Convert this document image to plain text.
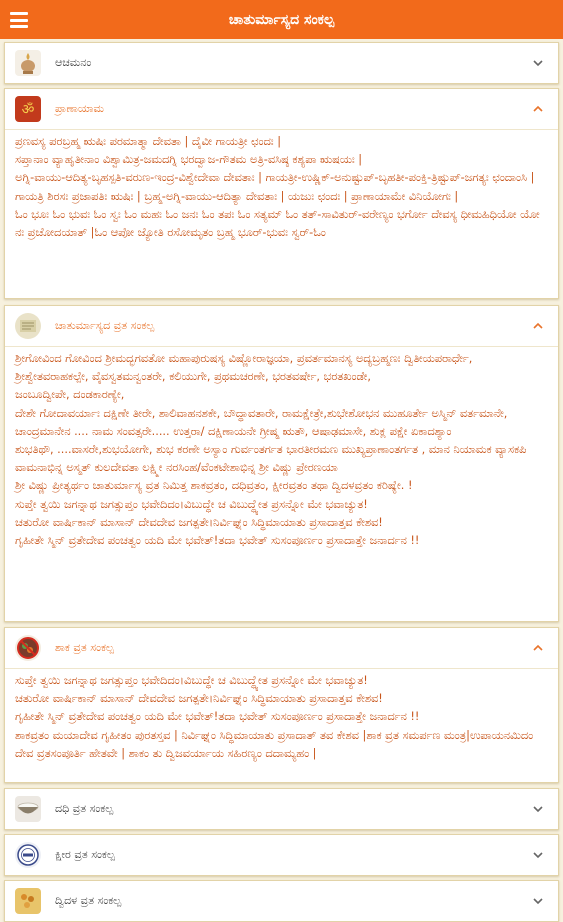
ಚಾತುರ್ಮಾಸ್ಯದ ಸಂಕಲ್ಪ
ಆಚಮನಂ
ॐ ಪ್ರಾಣಾಯಾಮ

ಪ್ರಣವಸ್ಯ ಪರಬ್ರಹ್ಮ ಋಷಿಃ ಪರಮಾತ್ಮಾ ದೇವತಾ | ದೈವೀ ಗಾಯತ್ರೀ ಛಂದಃ |

ಸಪ್ತಾನಾಂ ವ್ಯಾಹೃತೀನಾಂ ವಿಶ್ವಾಮಿತ್ರ-ಜಮದಗ್ನಿ ಭರದ್ವಾಜ-ಗೌತಮ ಅತ್ರಿ-ವಸಿಷ್ಠ ಕಶ್ಯಪಾ ಋಷಯಃ |

ಅಗ್ನಿ-ವಾಯು-ಆದಿತ್ಯ-ಬೃಹಸ್ಪತಿ-ವರುಣ-ಇಂದ್ರ-ವಿಶ್ವೇದೇವಾ ದೇವತಾಃ | ಗಾಯತ್ರೀ-ಉಷ್ಣಿಕ್-ಅನುಷ್ಟುಪ್-ಬೃಹತೀ-ಪಂಕ್ತಿ-ತ್ರಿಷ್ಟುಪ್-ಜಗತ್ಯಃ ಛಂದಾಂಸಿ |

ಗಾಯತ್ರಿ ಶಿರಸಃ ಪ್ರಜಾಪತಿಃ ಋಷಿಃ | ಬ್ರಹ್ಮ-ಅಗ್ನಿ-ವಾಯು-ಆದಿತ್ಯಾ ದೇವತಾಃ | ಯಜುಃ ಛಂದಃ | ಪ್ರಾಣಾಯಾಮೇ ವಿನಿಯೋಗಃ |

ಓಂ ಭೂಃ ಓಂ ಭುವಃ ಓಂ ಸ್ವಃ ಓಂ ಮಹಃ ಓಂ ಜನಃ ಓಂ ತಪಃ ಓಂ ಸತ್ಯಮ್ ಓಂ ತತ್-ಸಾವಿತುರ್-ವರೇಣ್ಯಂ ಭರ್ಗೋ ದೇವಸ್ಯ ಧೀಮಹಿಧಿಯೋ ಯೋ ನಃ ಪ್ರಚೋದಯಾತ್ |ಓಂ ಆಪೋ ಜ್ಯೋತಿ ರಸೋಮೃತಂ ಬ್ರಹ್ಮ ಭೂರ್-ಭುವಃ ಸ್ವರ್-ಓಂ

ಚಾತುರ್ಮಾಸ್ಯದ ವ್ರತ ಸಂಕಲ್ಪ

ಶ್ರೀಗೋವಿಂದ ಗೋವಿಂದ ಶ್ರೀಮದ್ಭಗವತೋ ಮಹಾಪುರುಷಸ್ಯ ವಿಷ್ಣೋರಾಜ್ಞಯಾ, ಪ್ರವರ್ತಮಾನಸ್ಯ ಅದ್ಯಬ್ರಹ್ಮಣಃ ದ್ವಿತೀಯಪರಾರ್ಧೇ,

ಶ್ರೀಶ್ವೇತವರಾಹಕಲ್ಪೇ, ವೈವಸ್ವತಮನ್ವಂತರೇ, ಕಲಿಯುಗೇ, ಪ್ರಥಮಚರಣೇ, ಭರತವರ್ಷೇ, ಭರತಖಂಡೇ,

ಜಂಬೂದ್ವೀಪೇ, ದಂಡಕಾರಣ್ಯೇ,

ದೇಶೇ ಗೋದಾವರ್ಯಾಃ ದಕ್ಷಿಣೇ ತೀರೇ, ಶಾಲಿವಾಹನಶಕೇ, ಬೌದ್ಧಾವತಾರೇ, ರಾಮಕ್ಷೇತ್ರೇ,ಶುಭೇಶೋಭನ ಮುಹೂರ್ತೇ ಅಸ್ಮಿನ್ ವರ್ತಮಾನೇ,

ಚಾಂದ್ರಮಾನೇನ .... ನಾಮ ಸಂವತ್ಸರೇ..... ಉತ್ತರಾ/ ದಕ್ಷಿಣಾಯನೇ ಗ್ರೀಷ್ಮ ಋತೌ, ಆಷಾಢಮಾಸೇ, ಶುಕ್ಲ ಪಕ್ಷೇ ಏಕಾದಶ್ಯಾಂ

ಶುಭತಿಥೌ, ....ವಾಸರೇ,ಶುಭಯೋಗೇ, ಶುಭ ಕರಣೇ ಅಸ್ಯಾಂ ಗುರ್ವಂತರ್ಗತ ಭಾರತೀರಮಣ ಮುಖ್ಯಪ್ರಾಣಾಂತರ್ಗತ , ಮಾನ ನಿಯಾಮಕ ವ್ಯಾಸಕಪಿ ವಾಮನಾಭಿನ್ನ ಅಸ್ಮತ್ ಕುಲದೇವತಾ ಲಕ್ಷ್ಮೀ ನರಸಿಂಹ/ವೆಂಕಟೇಶಾಭಿನ್ನ ಶ್ರೀ ವಿಷ್ಣು ಪ್ರೇರಣಯಾ

ಶ್ರೀ ವಿಷ್ಣು ಪ್ರೀತ್ಯರ್ಥಂ ಚಾತುರ್ಮಾಸ್ಯ ವ್ರತ ನಿಮಿತ್ತ ಶಾಕವ್ರತಂ, ದಧಿವ್ರತಂ, ಕ್ಷೀರವ್ರತಂ ತಥಾ ದ್ವಿದಳವ್ರತಂ ಕರಿಷ್ಯೇ. !

ಸುಪ್ತೇ ತ್ವಯಿ ಜಗನ್ನಾಥ ಜಗತ್ಸುಪ್ತಂ ಭವೇದಿದಂ।ವಿಬುದ್ಧೇ ಚ ವಿಬುದ್ಧ್ಯೇತ ಪ್ರಸನ್ನೋ ಮೇ ಭವಾಚ್ಯುತ!

ಚತುರೋ ವಾರ್ಷಿಕಾನ್ ಮಾಸಾನ್ ದೇವದೇವ ಜಗತ್ಪತೇ।ನಿರ್ವಿಘ್ನಂ ಸಿದ್ಧಿಮಾಯಾತು ಪ್ರಸಾದಾತ್ತವ ಕೇಶವ!

ಗೃಹೀತೇ ಸ್ಮಿನ್ ವ್ರತೇದೇವ ಪಂಚತ್ವಂ ಯದಿ ಮೇ ಭವೇತ್!ತದಾ ಭವೇತ್ ಸುಸಂಪೂರ್ಣಂ ಪ್ರಸಾದಾತ್ತೇ ಜನಾರ್ದನ !!

ಶಾಕ ವ್ರತ ಸಂಕಲ್ಪ

ಸುಪ್ತೇ ತ್ವಯಿ ಜಗನ್ನಾಥ ಜಗತ್ಸುಪ್ತಂ ಭವೇದಿದಂ।ವಿಬುದ್ಧೇ ಚ ವಿಬುದ್ಧ್ಯೇತ ಪ್ರಸನ್ನೋ ಮೇ ಭವಾಚ್ಯುತ!

ಚತುರೋ ವಾರ್ಷಿಕಾನ್ ಮಾಸಾನ್ ದೇವದೇವ ಜಗತ್ಪತೇ।ನಿರ್ವಿಘ್ನಂ ಸಿದ್ಧಿಮಾಯಾತು ಪ್ರಸಾದಾತ್ತವ ಕೇಶವ!

ಗೃಹೀತೇ ಸ್ಮಿನ್ ವ್ರತೇದೇವ ಪಂಚತ್ವಂ ಯದಿ ಮೇ ಭವೇತ್!ತದಾ ಭವೇತ್ ಸುಸಂಪೂರ್ಣಂ ಪ್ರಸಾದಾತ್ತೇ ಜನಾರ್ದನ !!

ಶಾಕವ್ರತಂ ಮಯಾದೇವ ಗೃಹೀತಂ ಪುರತಸ್ತವ | ನಿರ್ವಿಘ್ನಂ ಸಿದ್ಧಿಮಾಯಾತು ಪ್ರಸಾದಾತ್ ತವ ಕೇಶವ |ಶಾಕ ವ್ರತ ಸಮರ್ಪಣ ಮಂತ್ರ|ಉಪಾಯನಮಿದಂ ದೇವ ವ್ರತಸಂಪೂರ್ತಿ ಹೇತವೇ | ಶಾಕಂ ತು ದ್ವಿಜವರ್ಯಾಯ ಸಹಿರಣ್ಯಂ ದದಾಮ್ಯಹಂ |

ದಧಿ ವ್ರತ ಸಂಕಲ್ಪ
ಕ್ಷೀರ ವ್ರತ ಸಂಕಲ್ಪ
ದ್ವಿದಳ ವ್ರತ ಸಂಕಲ್ಪ
